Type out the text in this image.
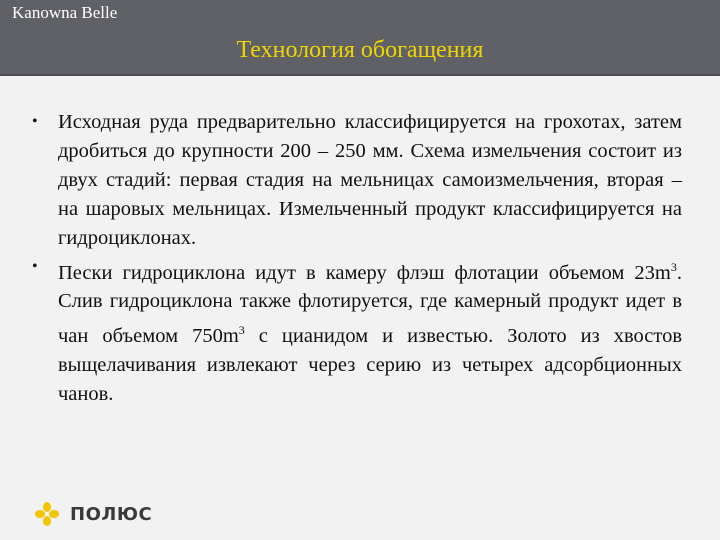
Kanowna Belle
Технология обогащения
• Исходная руда предварительно классифицируется на грохотах, затем дробиться до крупности 200 – 250 мм. Схема измельчения состоит из двух стадий: первая стадия на мельницах самоизмельчения, вторая – на шаровых мельницах. Измельченный продукт классифицируется на гидроциклонах.
• Пески гидроциклона идут в камеру флэш флотации объемом $23m^3$. Слив гидроциклона также флотируется, где камерный продукт идет в чан объемом $750m^3$ с цианидом и известью. Золото из хвостов выщелачивания извлекают через серию из четырех адсорбционных чанов.
ПОЛЮС
